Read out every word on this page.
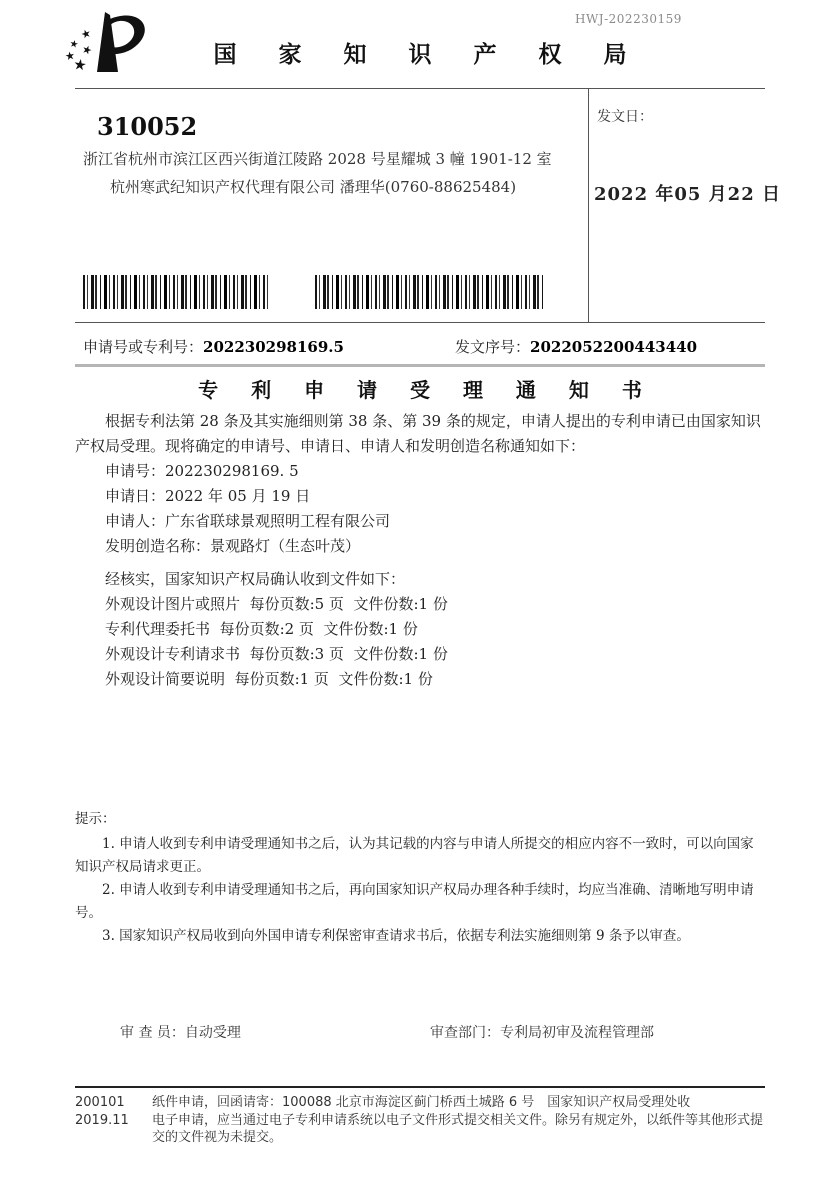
HWJ-202230159
国 家 知 识 产 权 局
310052
浙江省杭州市滨江区西兴街道江陵路 2028 号星耀城 3 幢 1901-12 室
杭州寒武纪知识产权代理有限公司 潘理华(0760-88625484)
发文日：
2022 年05 月22 日
申请号或专利号：202230298169.5	发文序号：2022052200443440
专 利 申 请 受 理 通 知 书

根据专利法第 28 条及其实施细则第 38 条、第 39 条的规定，申请人提出的专利申请已由国家知识产权局受理。现将确定的申请号、申请日、申请人和发明创造名称通知如下：

申请号：202230298169. 5
申请日：2022 年 05 月 19 日
申请人：广东省联球景观照明工程有限公司
发明创造名称：景观路灯（生态叶茂）
经核实，国家知识产权局确认收到文件如下：
外观设计图片或照片 每份页数:5 页 文件份数:1 份
专利代理委托书 每份页数:2 页 文件份数:1 份
外观设计专利请求书 每份页数:3 页 文件份数:1 份
外观设计简要说明 每份页数:1 页 文件份数:1 份
提示：

1. 申请人收到专利申请受理通知书之后，认为其记载的内容与申请人所提交的相应内容不一致时，可以向国家知识产权局请求更正。

2. 申请人收到专利申请受理通知书之后，再向国家知识产权局办理各种手续时，均应当准确、清晰地写明申请号。

3. 国家知识产权局收到向外国申请专利保密审查请求书后，依据专利法实施细则第 9 条予以审查。

审 查 员：自动受理	审查部门：专利局初审及流程管理部
200101	纸件申请，回函请寄：100088 北京市海淀区蓟门桥西土城路 6 号　国家知识产权局受理处收
2019.11	电子申请，应当通过电子专利申请系统以电子文件形式提交相关文件。除另有规定外，以纸件等其他形式提交的文件视为未提交。
